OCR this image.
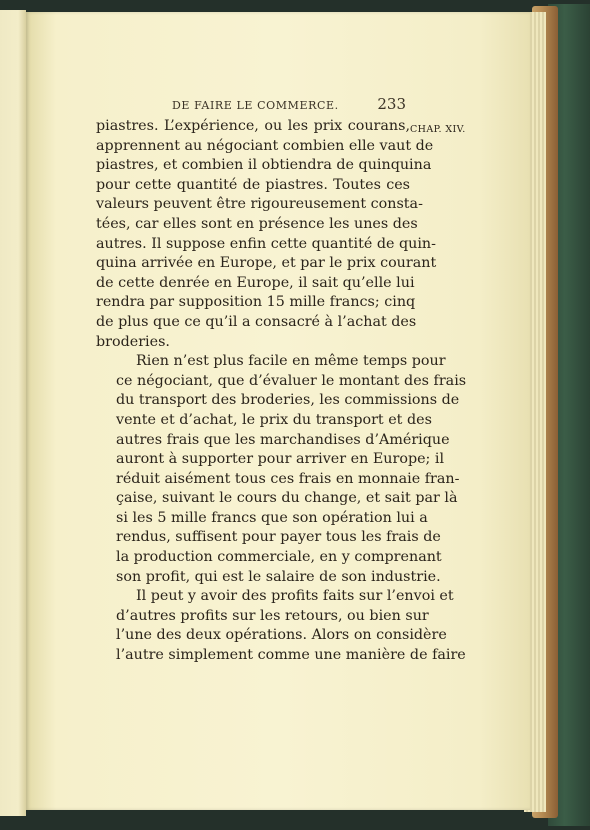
DE FAIRE LE COMMERCE.	233
CHAP. XIV.
piastres. L’expérience, ou les prix courans,
apprennent au négociant combien elle vaut de
piastres, et combien il obtiendra de quinquina
pour cette quantité de piastres. Toutes ces
valeurs peuvent être rigoureusement consta-
tées, car elles sont en présence les unes des
autres. Il suppose enfin cette quantité de quin-
quina arrivée en Europe, et par le prix courant
de cette denrée en Europe, il sait qu’elle lui
rendra par supposition 15 mille francs; cinq
de plus que ce qu’il a consacré à l’achat des
broderies.
Rien n’est plus facile en même temps pour
ce négociant, que d’évaluer le montant des frais
du transport des broderies, les commissions de
vente et d’achat, le prix du transport et des
autres frais que les marchandises d’Amérique
auront à supporter pour arriver en Europe; il
réduit aisément tous ces frais en monnaie fran-
çaise, suivant le cours du change, et sait par là
si les 5 mille francs que son opération lui a
rendus, suffisent pour payer tous les frais de
la production commerciale, en y comprenant
son profit, qui est le salaire de son industrie.
Il peut y avoir des profits faits sur l’envoi et
d’autres profits sur les retours, ou bien sur
l’une des deux opérations. Alors on considère
l’autre simplement comme une manière de faire
